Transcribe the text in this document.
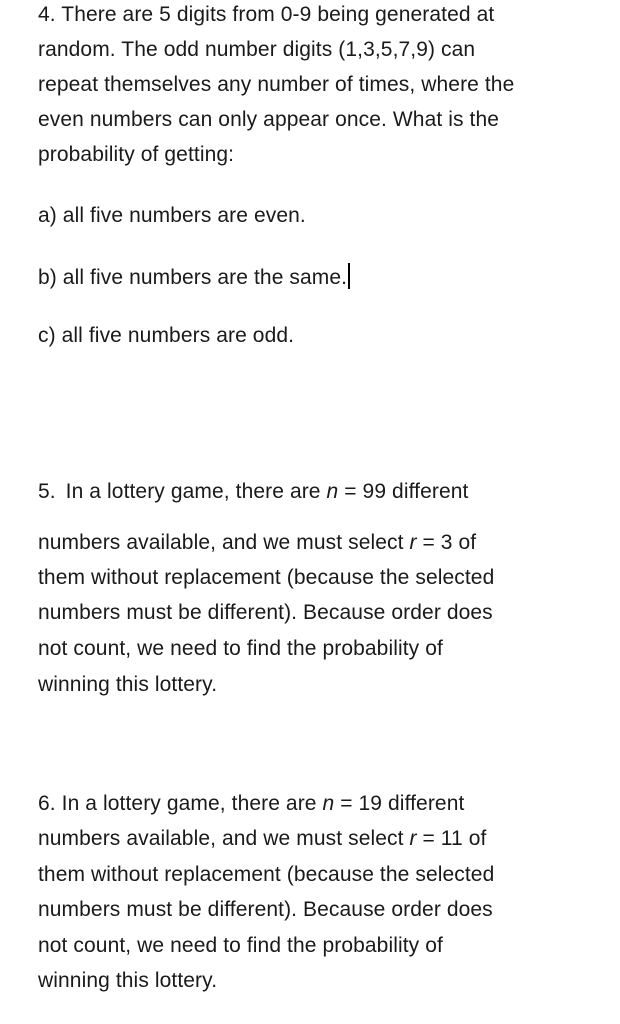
4. There are 5 digits from 0-9 being generated at
random. The odd number digits (1,3,5,7,9) can
repeat themselves any number of times, where the
even numbers can only appear once. What is the
probability of getting:
a) all five numbers are even.
b) all five numbers are the same.
c) all five numbers are odd.
5. In a lottery game, there are n = 99 different
numbers available, and we must select r = 3 of
them without replacement (because the selected
numbers must be different). Because order does
not count, we need to find the probability of
winning this lottery.
6. In a lottery game, there are n = 19 different
numbers available, and we must select r = 11 of
them without replacement (because the selected
numbers must be different). Because order does
not count, we need to find the probability of
winning this lottery.
